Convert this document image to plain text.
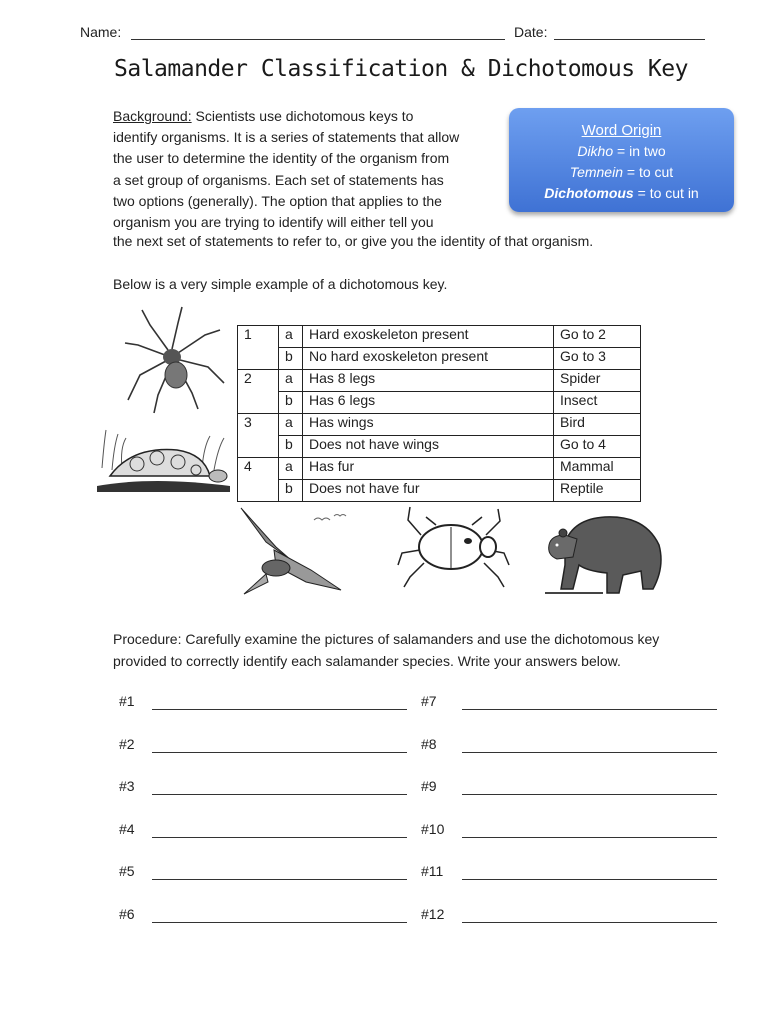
Name:	Date:
Salamander Classification & Dichotomous Key
Background: Scientists use dichotomous keys to
identify organisms. It is a series of statements that allow
the user to determine the identity of the organism from
a set group of organisms. Each set of statements has
two options (generally). The option that applies to the
organism you are trying to identify will either tell you
the next set of statements to refer to, or give you the identity of that organism.
Word Origin
Dikho = in two
Temnein = to cut
Dichotomous = to cut in
Below is a very simple example of a dichotomous key.
1	a	Hard exoskeleton present	Go to 2
	b	No hard exoskeleton present	Go to 3
2	a	Has 8 legs	Spider
	b	Has 6 legs	Insect
3	a	Has wings	Bird
	b	Does not have wings	Go to 4
4	a	Has fur	Mammal
	b	Does not have fur	Reptile
Procedure: Carefully examine the pictures of salamanders and use the dichotomous key
provided to correctly identify each salamander species. Write your answers below.
#1	#7
#2	#8
#3	#9
#4	#10
#5	#11
#6	#12
